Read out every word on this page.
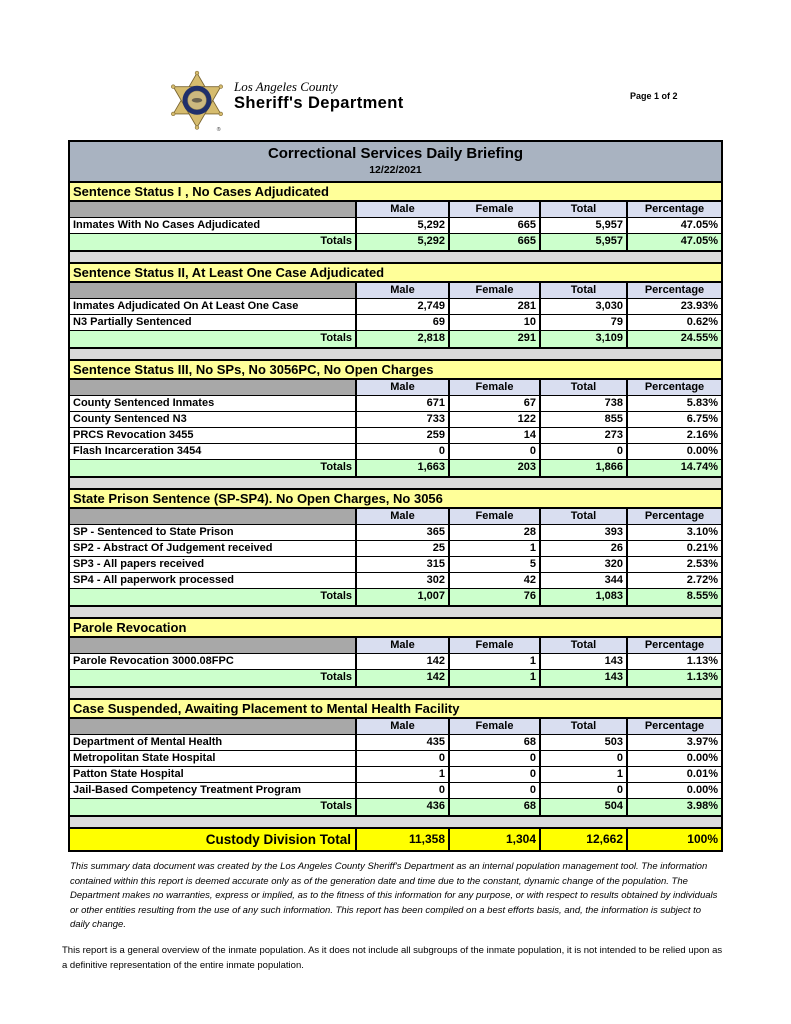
®
Los Angeles County
Sheriff's Department	Page 1 of 2
Correctional Services Daily Briefing
12/22/2021
Sentence Status I , No Cases Adjudicated
Male	Female	Total	Percentage
Inmates With No Cases Adjudicated	5,292	665	5,957	47.05%
Totals	5,292	665	5,957	47.05%
Sentence Status II, At Least One Case Adjudicated
Male	Female	Total	Percentage
Inmates Adjudicated On At Least One Case	2,749	281	3,030	23.93%
N3 Partially Sentenced	69	10	79	0.62%
Totals	2,818	291	3,109	24.55%
Sentence Status III, No SPs, No 3056PC, No Open Charges
Male	Female	Total	Percentage
County Sentenced Inmates	671	67	738	5.83%
County Sentenced N3	733	122	855	6.75%
PRCS Revocation 3455	259	14	273	2.16%
Flash Incarceration 3454	0	0	0	0.00%
Totals	1,663	203	1,866	14.74%
State Prison Sentence (SP-SP4). No Open Charges, No 3056
Male	Female	Total	Percentage
SP - Sentenced to State Prison	365	28	393	3.10%
SP2 - Abstract Of Judgement received	25	1	26	0.21%
SP3 - All papers received	315	5	320	2.53%
SP4 - All paperwork processed	302	42	344	2.72%
Totals	1,007	76	1,083	8.55%
Parole Revocation
Male	Female	Total	Percentage
Parole Revocation 3000.08FPC	142	1	143	1.13%
Totals	142	1	143	1.13%
Case Suspended, Awaiting Placement to Mental Health Facility
Male	Female	Total	Percentage
Department of Mental Health	435	68	503	3.97%
Metropolitan State Hospital	0	0	0	0.00%
Patton State Hospital	1	0	1	0.01%
Jail-Based Competency Treatment Program	0	0	0	0.00%
Totals	436	68	504	3.98%
Custody Division Total	11,358	1,304	12,662	100%

This summary data document was created by the Los Angeles County Sheriff's Department as an internal population management tool. The information contained within this report is deemed accurate only as of the generation date and time due to the constant, dynamic change of the population. The Department makes no warranties, express or implied, as to the fitness of this information for any purpose, or with respect to results obtained by individuals or other entities resulting from the use of any such information. This report has been compiled on a best efforts basis, and, the information is subject to daily change.

This report is a general overview of the inmate population. As it does not include all subgroups of the inmate population, it is not intended to be relied upon as a definitive representation of the entire inmate population.
